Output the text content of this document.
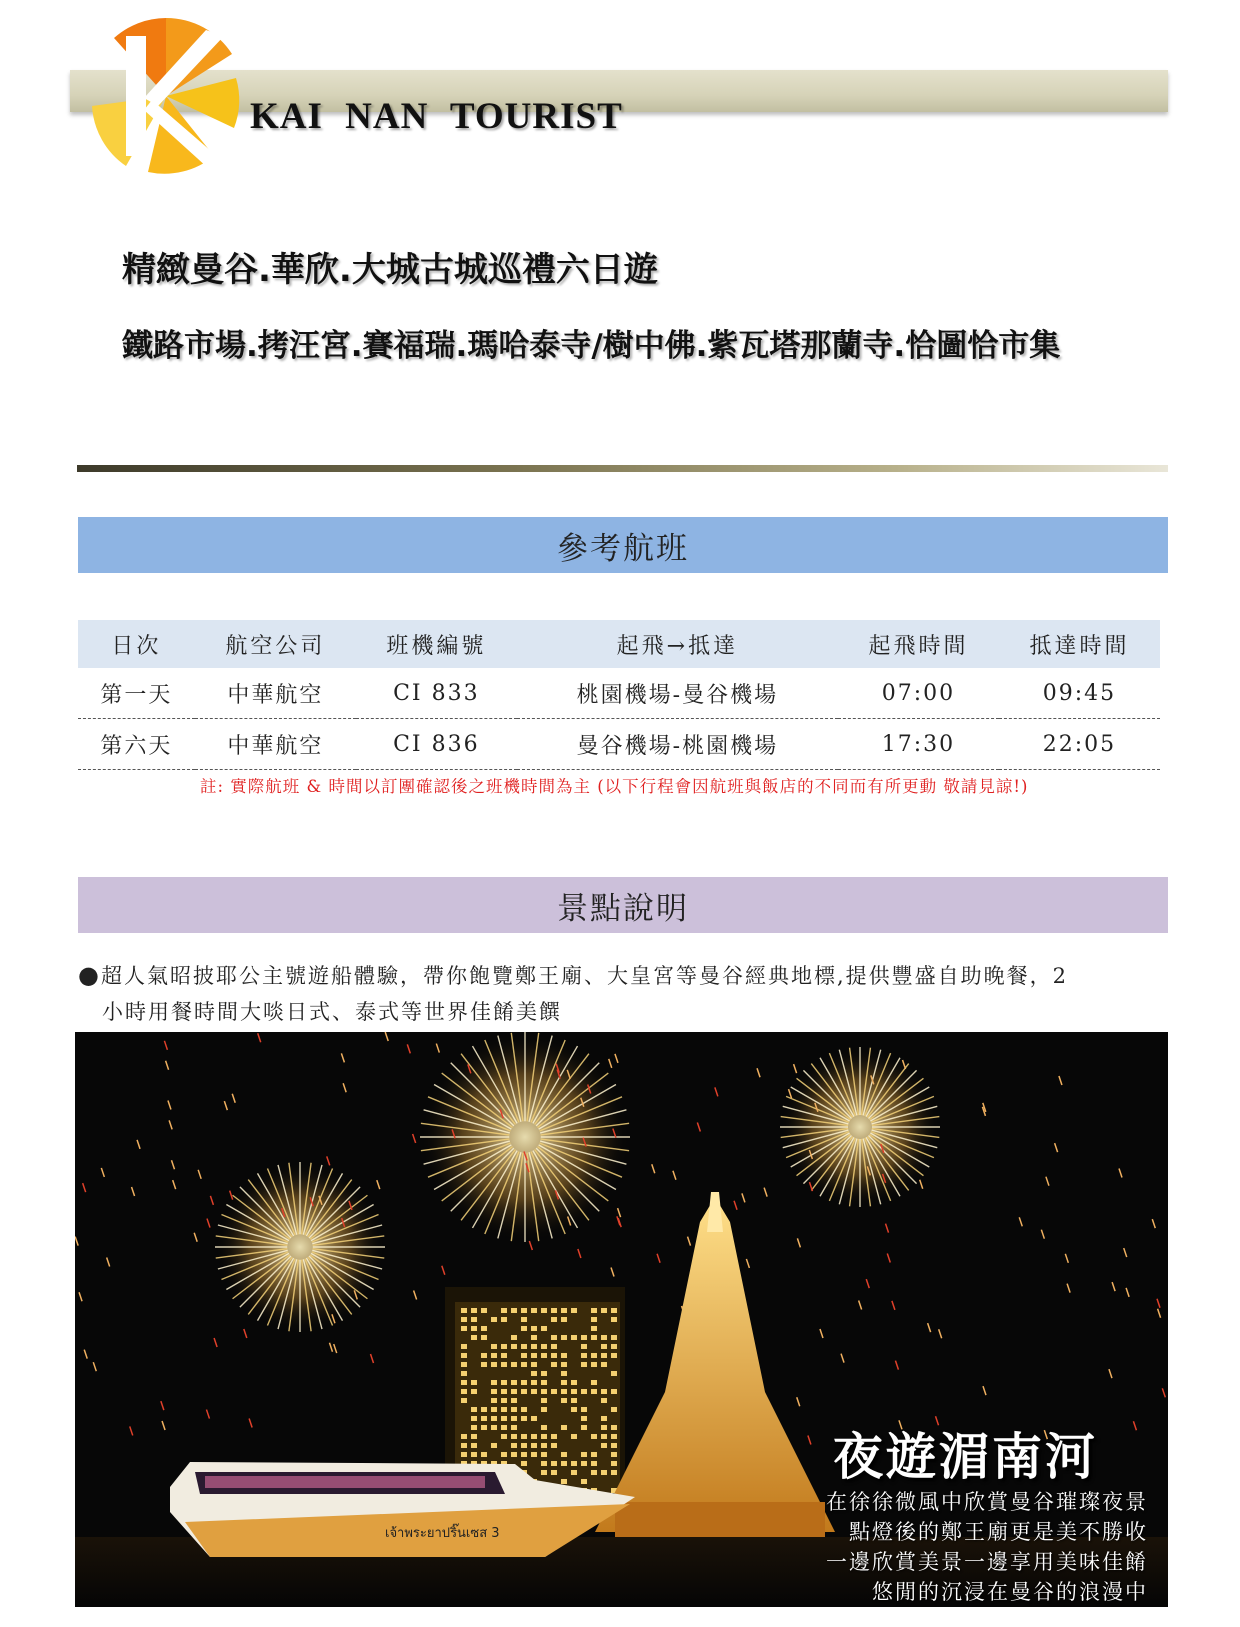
KAI NAN TOURIST
精緻曼谷.華欣.大城古城巡禮六日遊
鐵路市場.拷汪宮.賽福瑞.瑪哈泰寺/樹中佛.紫瓦塔那蘭寺.恰圖恰市集
參考航班
日次	航空公司	班機編號	起飛→抵達	起飛時間	抵達時間
第一天	中華航空	CI 833	桃園機場-曼谷機場	07:00	09:45
第六天	中華航空	CI 836	曼谷機場-桃園機場	17:30	22:05
註: 實際航班 & 時間以訂團確認後之班機時間為主 (以下行程會因航班與飯店的不同而有所更動 敬請見諒!)
景點說明
●超人氣昭披耶公主號遊船體驗，帶你飽覽鄭王廟、大皇宮等曼谷經典地標,提供豐盛自助晚餐，2
小時用餐時間大啖日式、泰式等世界佳餚美饌
เจ้าพระยาปริ๊นเซส 3
夜遊湄南河
在徐徐微風中欣賞曼谷璀璨夜景
點燈後的鄭王廟更是美不勝收
一邊欣賞美景一邊享用美味佳餚
悠閒的沉浸在曼谷的浪漫中
